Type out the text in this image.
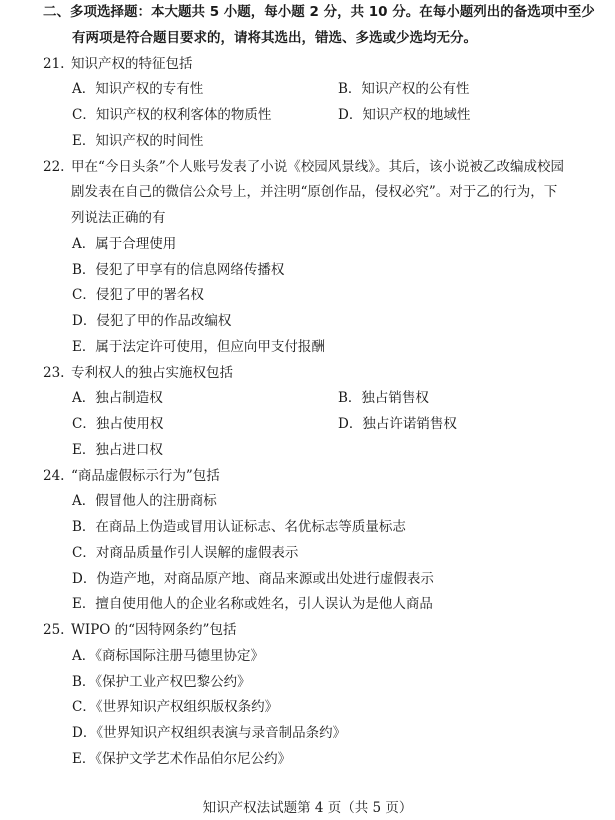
二、多项选择题：本大题共 5 小题，每小题 2 分，共 10 分。在每小题列出的备选项中至少
有两项是符合题目要求的，请将其选出，错选、多选或少选均无分。
21. 知识产权的特征包括
A．知识产权的专有性	B．知识产权的公有性
C．知识产权的权利客体的物质性	D．知识产权的地域性
E．知识产权的时间性
22. 甲在“今日头条”个人账号发表了小说《校园风景线》。其后，该小说被乙改编成校园
剧发表在自己的微信公众号上，并注明“原创作品，侵权必究”。对于乙的行为，下
列说法正确的有
A．属于合理使用
B．侵犯了甲享有的信息网络传播权
C．侵犯了甲的署名权
D．侵犯了甲的作品改编权
E．属于法定许可使用，但应向甲支付报酬
23. 专利权人的独占实施权包括
A．独占制造权	B．独占销售权
C．独占使用权	D．独占许诺销售权
E．独占进口权
24. “商品虚假标示行为”包括
A．假冒他人的注册商标
B．在商品上伪造或冒用认证标志、名优标志等质量标志
C．对商品质量作引人误解的虚假表示
D．伪造产地，对商品原产地、商品来源或出处进行虚假表示
E．擅自使用他人的企业名称或姓名，引人误认为是他人商品
25. WIPO 的“因特网条约”包括
A．《商标国际注册马德里协定》
B．《保护工业产权巴黎公约》
C．《世界知识产权组织版权条约》
D．《世界知识产权组织表演与录音制品条约》
E．《保护文学艺术作品伯尔尼公约》
知识产权法试题第 4 页（共 5 页）
